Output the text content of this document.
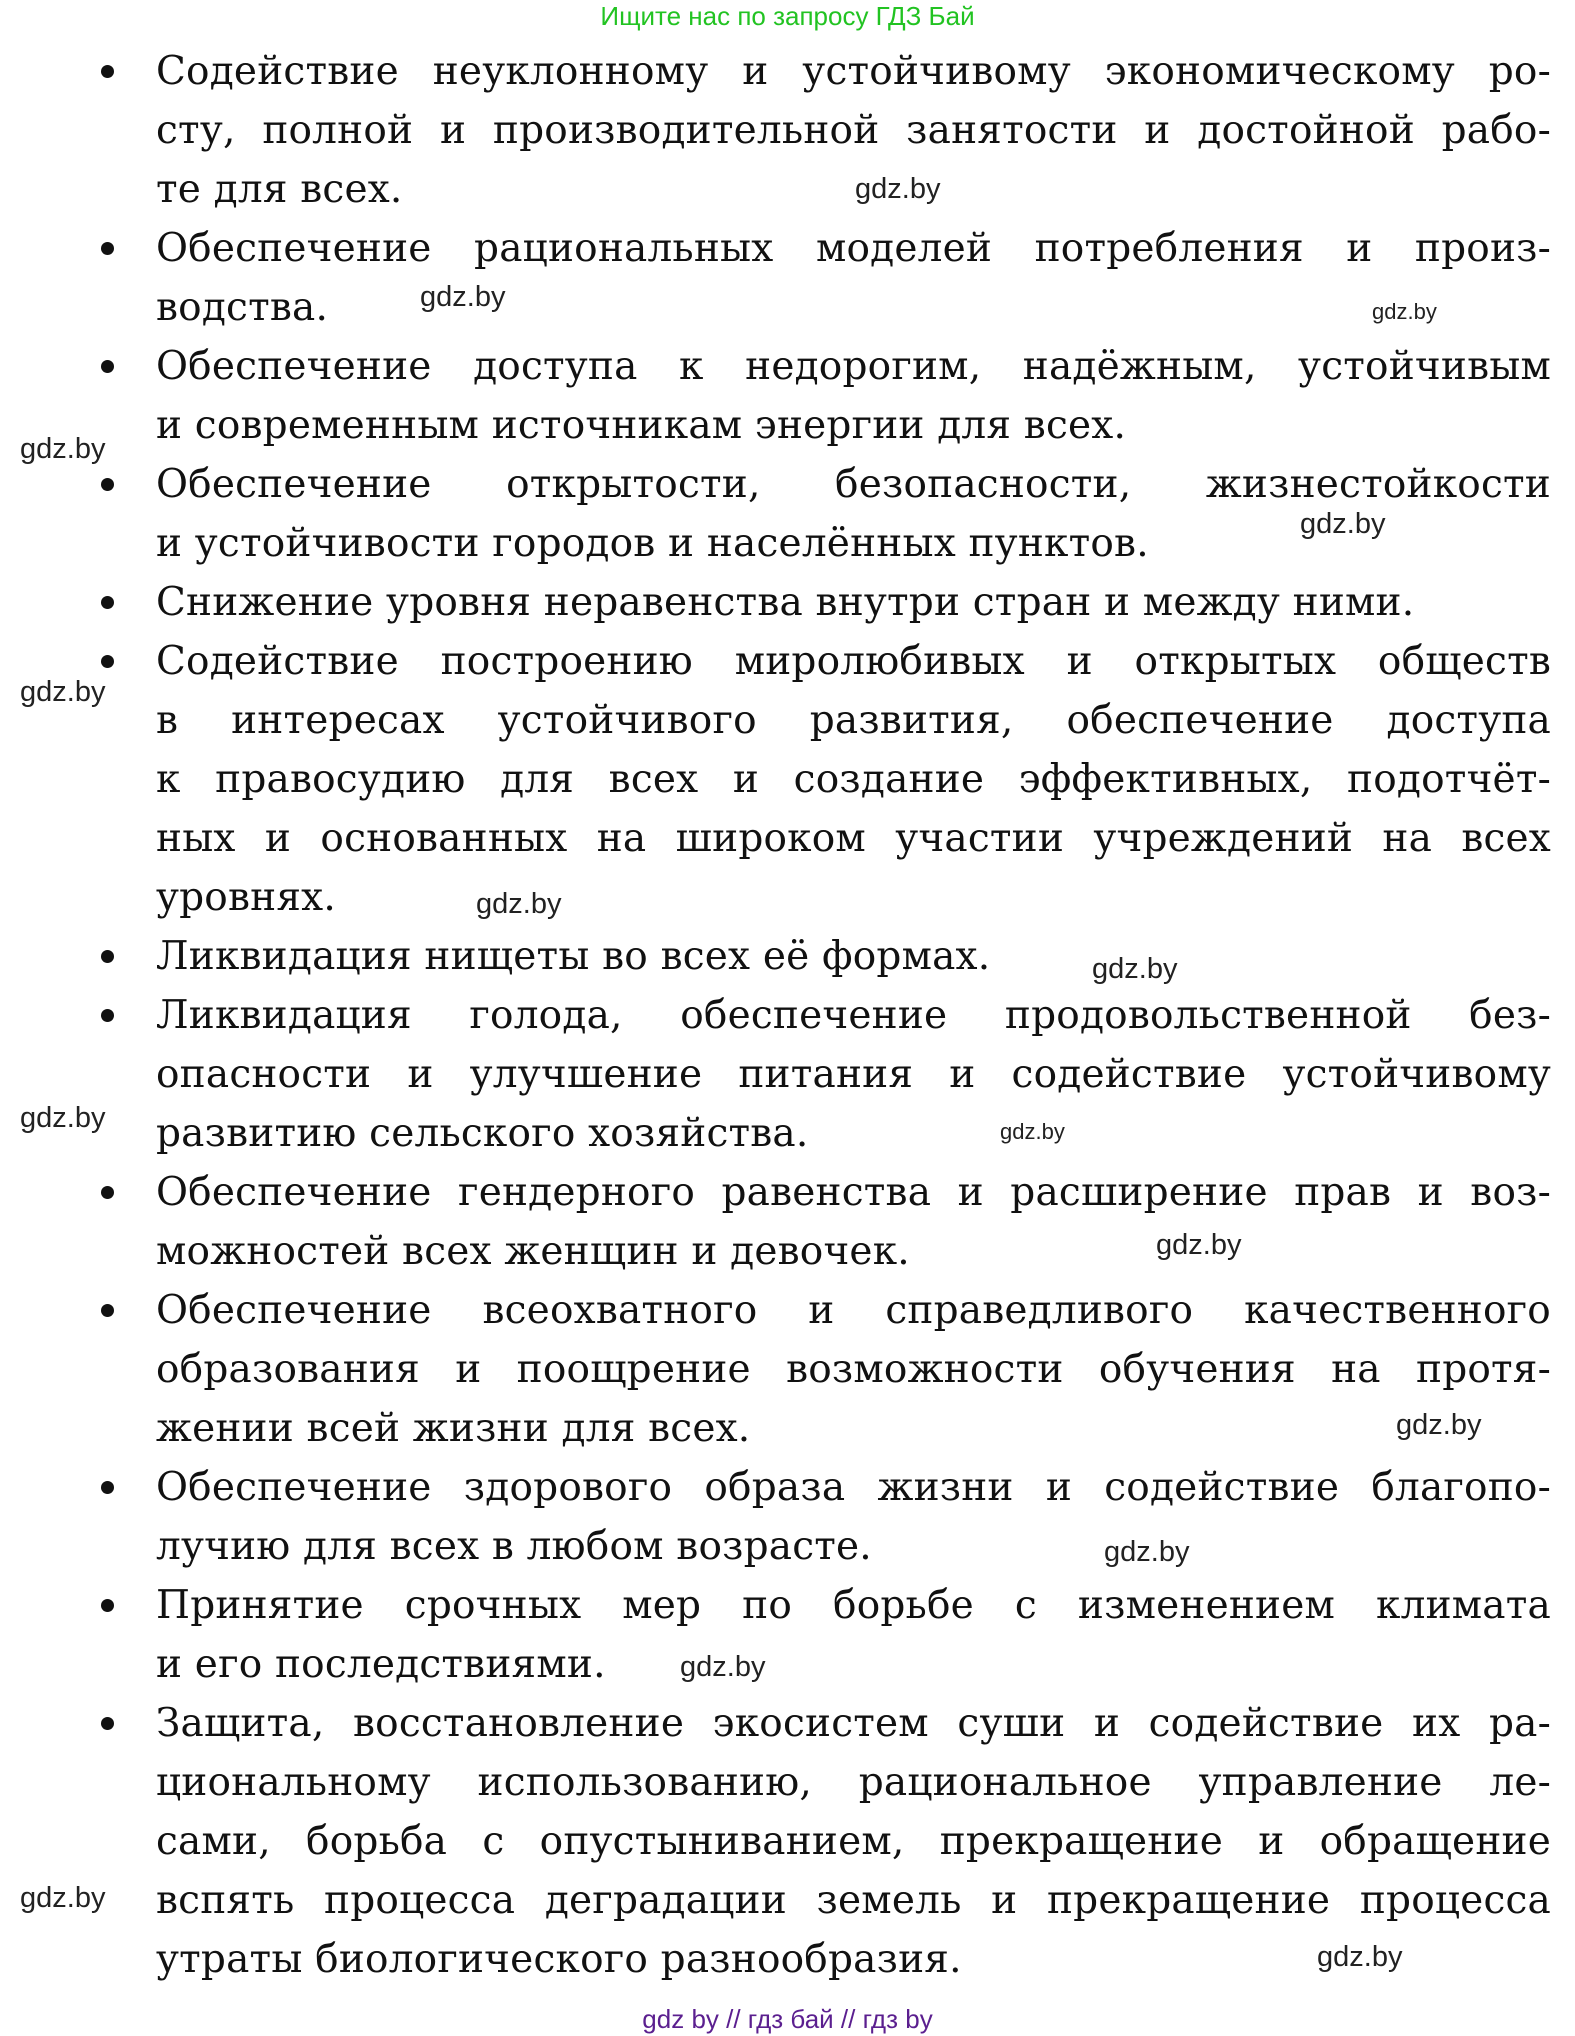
Ищите нас по запросу ГДЗ Бай
Содействие неуклонному и устойчивому экономическому ро-
сту, полной и производительной занятости и достойной рабо-
те для всех.
Обеспечение рациональных моделей потребления и произ-
водства.
Обеспечение доступа к недорогим, надёжным, устойчивым
и современным источникам энергии для всех.
Обеспечение открытости, безопасности, жизнестойкости
и устойчивости городов и населённых пунктов.
Снижение уровня неравенства внутри стран и между ними.
Содействие построению миролюбивых и открытых обществ
в интересах устойчивого развития, обеспечение доступа
к правосудию для всех и создание эффективных, подотчёт-
ных и основанных на широком участии учреждений на всех
уровнях.
Ликвидация нищеты во всех её формах.
Ликвидация голода, обеспечение продовольственной без-
опасности и улучшение питания и содействие устойчивому
развитию сельского хозяйства.
Обеспечение гендерного равенства и расширение прав и воз-
можностей всех женщин и девочек.
Обеспечение всеохватного и справедливого качественного
образования и поощрение возможности обучения на протя-
жении всей жизни для всех.
Обеспечение здорового образа жизни и содействие благопо-
лучию для всех в любом возрасте.
Принятие срочных мер по борьбе с изменением климата
и его последствиями.
Защита, восстановление экосистем суши и содействие их ра-
циональному использованию, рациональное управление ле-
сами, борьба с опустыниванием, прекращение и обращение
вспять процесса деградации земель и прекращение процесса
утраты биологического разнообразия.
gdz.by
gdz.by	gdz.by
gdz.by
gdz.by
gdz.by
gdz.by
gdz.by
gdz.by
gdz.by
gdz.by
gdz.by
gdz.by
gdz.by
gdz.by
gdz.by
gdz by // гдз бай // гдз by
